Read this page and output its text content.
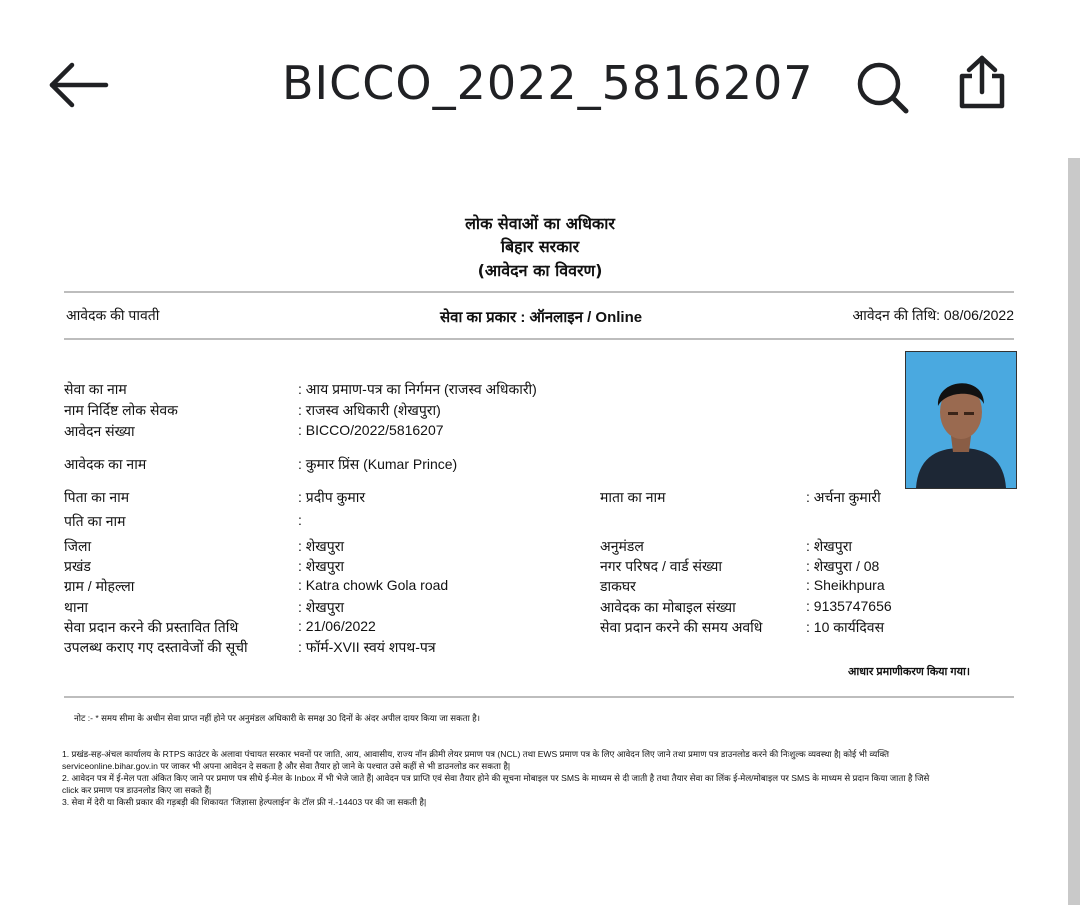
BICCO_2022_5816207
लोक सेवाओं का अधिकार
बिहार सरकार
(आवेदन का विवरण)
आवेदक की पावती	सेवा का प्रकार : ऑनलाइन / Online	आवेदन की तिथि: 08/06/2022
सेवा का नाम	: आय प्रमाण-पत्र का निर्गमन (राजस्व अधिकारी)
नाम निर्दिष्ट लोक सेवक	: राजस्व अधिकारी (शेखपुरा)
आवेदन संख्या	: BICCO/2022/5816207
आवेदक का नाम	: कुमार प्रिंस (Kumar Prince)
पिता का नाम	: प्रदीप कुमार	माता का नाम	: अर्चना कुमारी
पति का नाम	:
जिला	: शेखपुरा	अनुमंडल	: शेखपुरा
प्रखंड	: शेखपुरा	नगर परिषद / वार्ड संख्या	: शेखपुरा / 08
ग्राम / मोहल्ला	: Katra chowk Gola road	डाकघर	: Sheikhpura
थाना	: शेखपुरा	आवेदक का मोबाइल संख्या	: 9135747656
सेवा प्रदान करने की प्रस्तावित तिथि	: 21/06/2022	सेवा प्रदान करने की समय अवधि	: 10 कार्यदिवस
उपलब्ध कराए गए दस्तावेजों की सूची	: फॉर्म-XVII स्वयं शपथ-पत्र
आधार प्रमाणीकरण किया गया।
नोट :- * समय सीमा के अधीन सेवा प्राप्त नहीं होने पर अनुमंडल अधिकारी के समक्ष 30 दिनों के अंदर अपील दायर किया जा सकता है।
1. प्रखंड-सह-अंचल कार्यालय के RTPS काउंटर के अलावा पंचायत सरकार भवनों पर जाति, आय, आवासीय, राज्य नॉन क्रीमी लेयर प्रमाण पत्र (NCL) तथा EWS प्रमाण पत्र के लिए आवेदन लिए जाने तथा प्रमाण पत्र डाउनलोड करने की निःशुल्क व्यवस्था है| कोई भी व्यक्ति
serviceonline.bihar.gov.in पर जाकर भी अपना आवेदन दे सकता है और सेवा तैयार हो जाने के पश्चात उसे कहीं से भी डाउनलोड कर सकता है|
2. आवेदन पत्र में ई-मेल पता अंकित किए जाने पर प्रमाण पत्र सीधे ई-मेल के Inbox में भी भेजे जाते हैं| आवेदन पत्र प्राप्ति एवं सेवा तैयार होने की सूचना मोबाइल पर SMS के माध्यम से दी जाती है तथा तैयार सेवा का लिंक ई-मेल/मोबाइल पर SMS के माध्यम से प्रदान किया जाता है जिसे
click कर प्रमाण पत्र डाउनलोड किए जा सकते हैं|
3. सेवा में देरी या किसी प्रकार की गड़बड़ी की शिकायत 'जिज्ञासा हेल्पलाईन' के टॉल फ्री नं.-14403 पर की जा सकती है|
